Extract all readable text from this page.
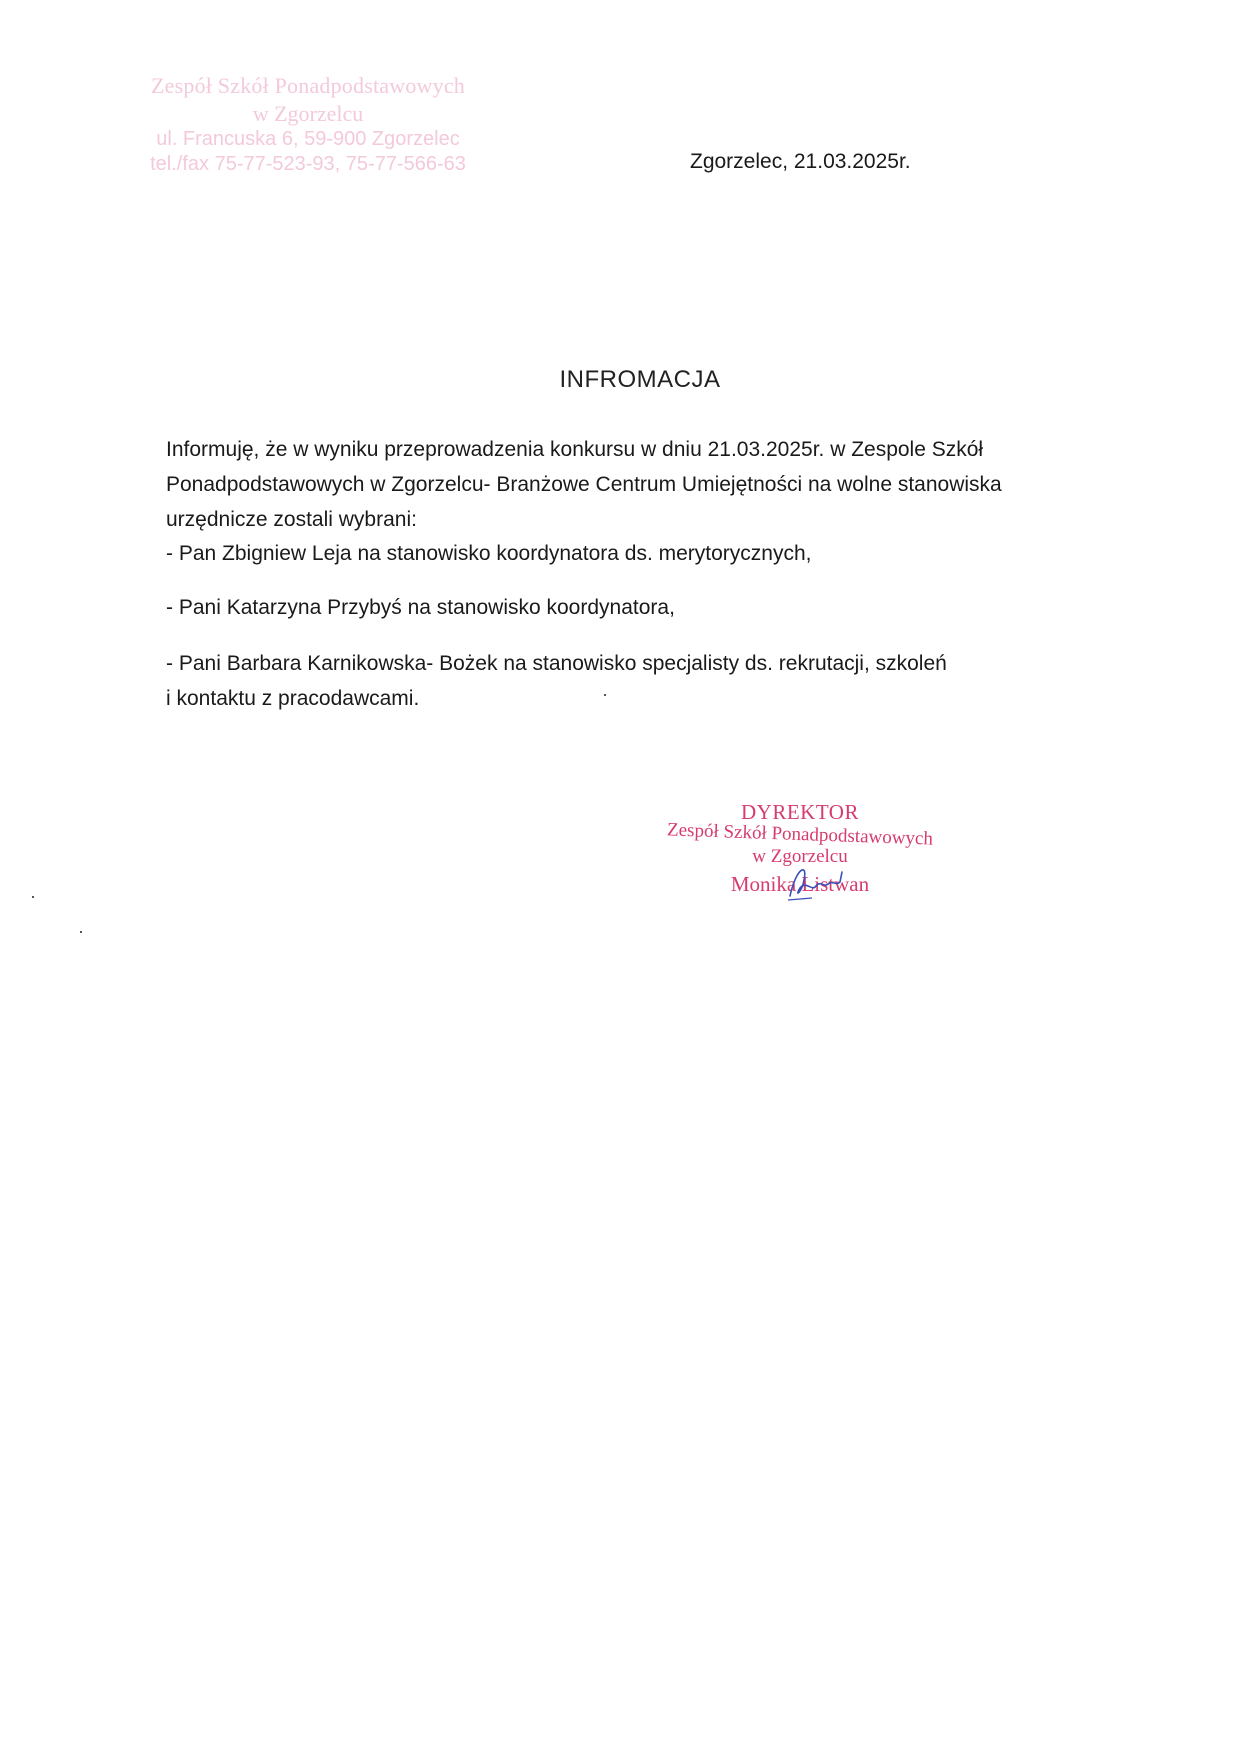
Zespół Szkół Ponadpodstawowych
w Zgorzelcu
ul. Francuska 6, 59-900 Zgorzelec
tel./fax 75-77-523-93, 75-77-566-63	Zgorzelec, 21.03.2025r.
INFROMACJA

Informuję, że w wyniku przeprowadzenia konkursu w dniu 21.03.2025r. w Zespole Szkół

Ponadpodstawowych w Zgorzelcu- Branżowe Centrum Umiejętności na wolne stanowiska

urzędnicze zostali wybrani:

- Pan Zbigniew Leja na stanowisko koordynatora ds. merytorycznych,
- Pani Katarzyna Przybyś na stanowisko koordynatora,
- Pani Barbara Karnikowska- Bożek na stanowisko specjalisty ds. rekrutacji, szkoleń
i kontaktu z pracodawcami.
DYREKTOR
Zespół Szkół Ponadpodstawowych
w Zgorzelcu
Monika Listwan
